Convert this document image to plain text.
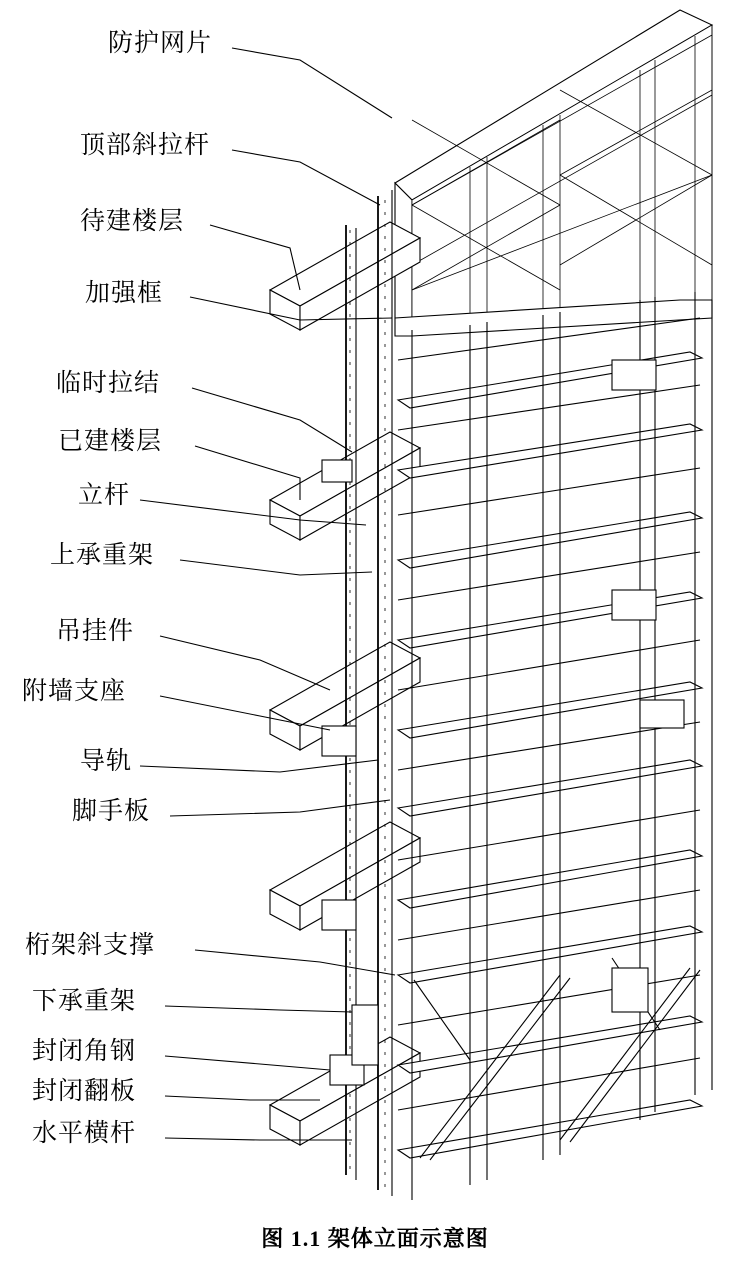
防护网片
顶部斜拉杆
待建楼层
加强框
临时拉结
已建楼层
立杆
上承重架
吊挂件
附墙支座
导轨
脚手板
桁架斜支撑
下承重架
封闭角钢
封闭翻板
水平横杆
图 1.1 架体立面示意图
